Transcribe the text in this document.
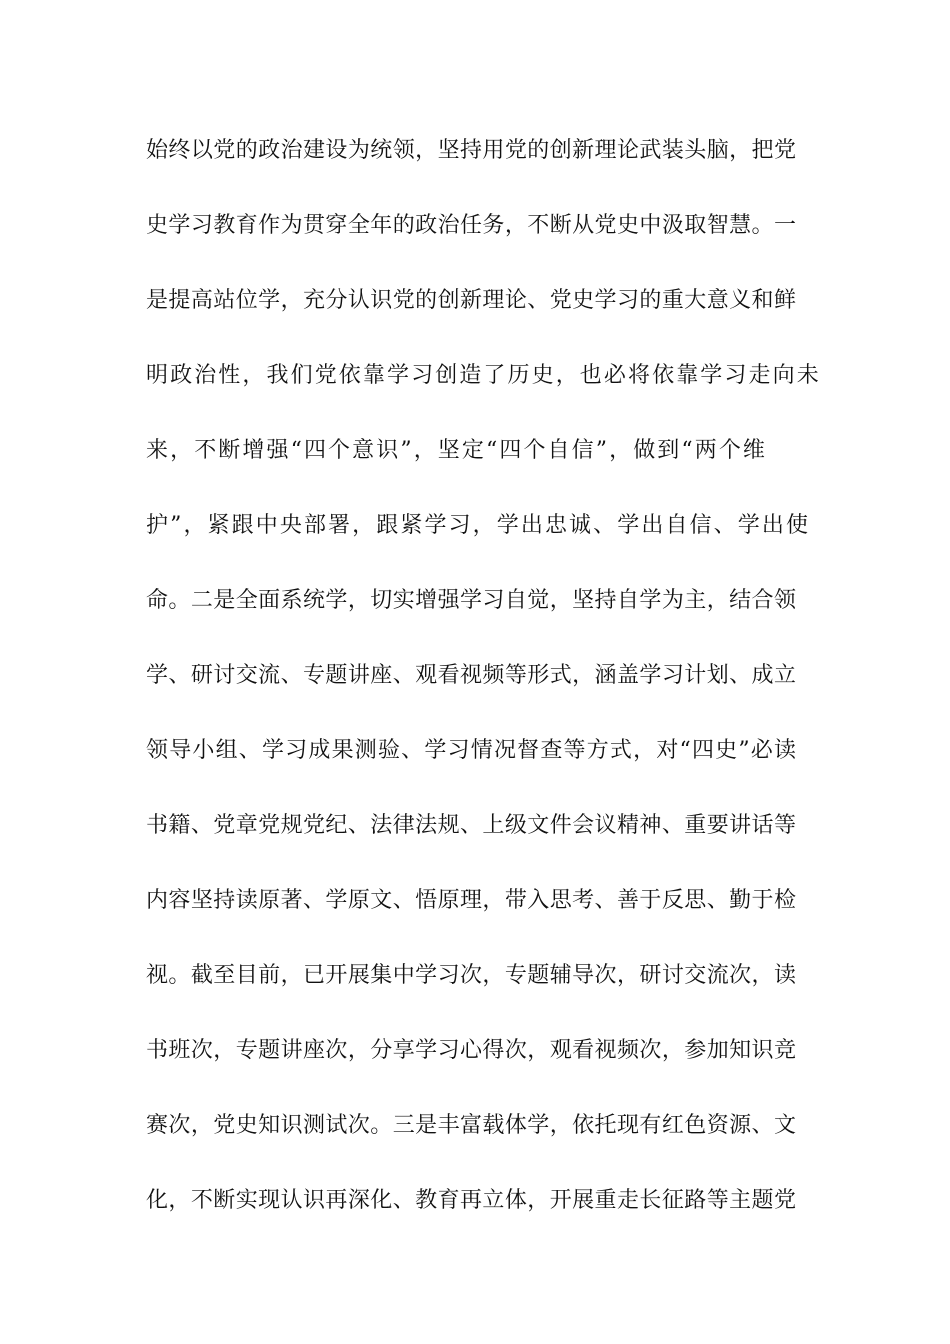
始终以党的政治建设为统领，坚持用党的创新理论武装头脑，把党
史学习教育作为贯穿全年的政治任务，不断从党史中汲取智慧。一
是提高站位学，充分认识党的创新理论、党史学习的重大意义和鲜
明政治性，我们党依靠学习创造了历史，也必将依靠学习走向未
来，不断增强“四个意识”，坚定“四个自信”，做到“两个维
护”，紧跟中央部署，跟紧学习，学出忠诚、学出自信、学出使
命。二是全面系统学，切实增强学习自觉，坚持自学为主，结合领
学、研讨交流、专题讲座、观看视频等形式，涵盖学习计划、成立
领导小组、学习成果测验、学习情况督查等方式，对“四史”必读
书籍、党章党规党纪、法律法规、上级文件会议精神、重要讲话等
内容坚持读原著、学原文、悟原理，带入思考、善于反思、勤于检
视。截至目前，已开展集中学习次，专题辅导次，研讨交流次，读
书班次，专题讲座次，分享学习心得次，观看视频次，参加知识竞
赛次，党史知识测试次。三是丰富载体学，依托现有红色资源、文
化，不断实现认识再深化、教育再立体，开展重走长征路等主题党
